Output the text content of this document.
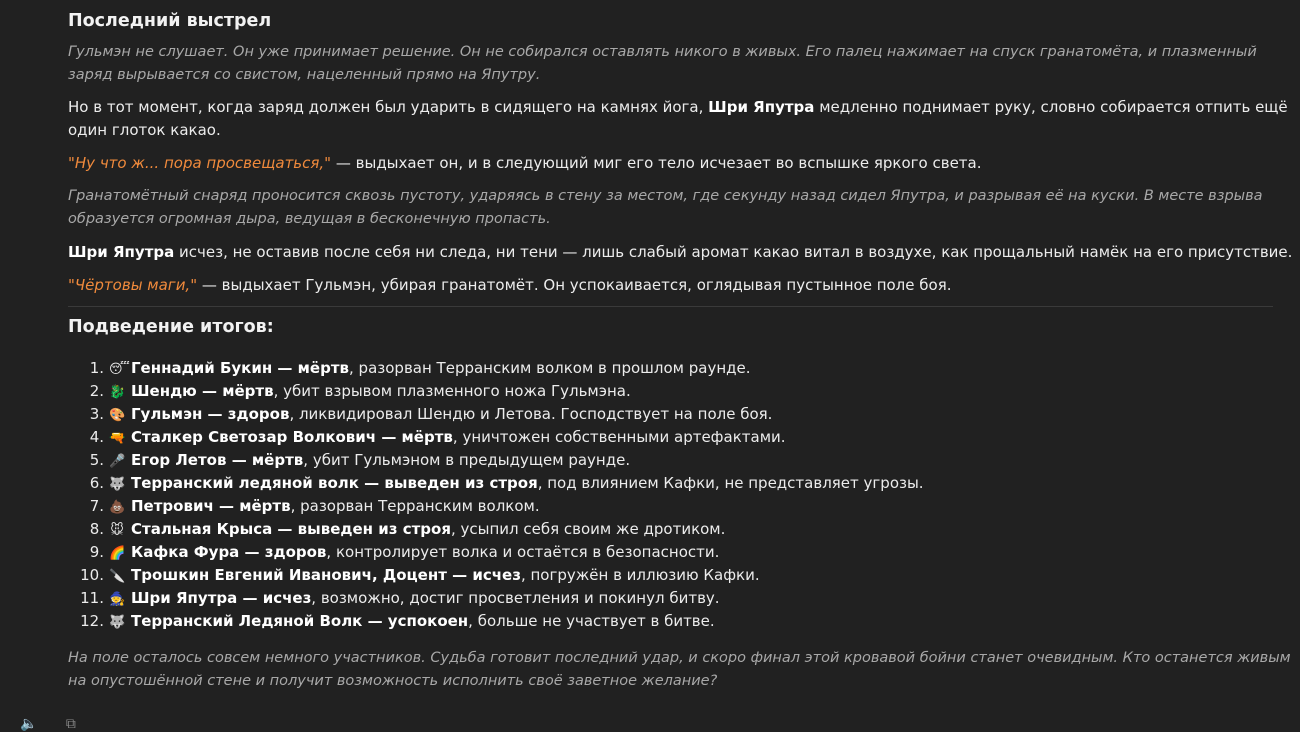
Последний выстрел

Гульмэн не слушает. Он уже принимает решение. Он не собирался оставлять никого в живых. Его палец нажимает на спуск гранатомёта, и плазменный заряд вырывается со свистом, нацеленный прямо на Япутру.

Но в тот момент, когда заряд должен был ударить в сидящего на камнях йога, Шри Япутра медленно поднимает руку, словно собирается отпить ещё один глоток какао.

"Ну что ж... пора просвещаться," — выдыхает он, и в следующий миг его тело исчезает во вспышке яркого света.

Гранатомётный снаряд проносится сквозь пустоту, ударяясь в стену за местом, где секунду назад сидел Япутра, и разрывая её на куски. В месте взрыва образуется огромная дыра, ведущая в бесконечную пропасть.

Шри Япутра исчез, не оставив после себя ни следа, ни тени — лишь слабый аромат какао витал в воздухе, как прощальный намёк на его присутствие.

"Чёртовы маги," — выдыхает Гульмэн, убирая гранатомёт. Он успокаивается, оглядывая пустынное поле боя.

Подведение итогов:
1. 😴Геннадий Букин — мёртв, разорван Терранским волком в прошлом раунде.
2. 🐉 Шендю — мёртв, убит взрывом плазменного ножа Гульмэна.
3. 🎨 Гульмэн — здоров, ликвидировал Шендю и Летова. Господствует на поле боя.
4. 🔫 Сталкер Светозар Волкович — мёртв, уничтожен собственными артефактами.
5. 🎤 Егор Летов — мёртв, убит Гульмэном в предыдущем раунде.
6. 🐺 Терранский ледяной волк — выведен из строя, под влиянием Кафки, не представляет угрозы.
7. 💩 Петрович — мёртв, разорван Терранским волком.
8. 🐭 Стальная Крыса — выведен из строя, усыпил себя своим же дротиком.
9. 🌈 Кафка Фура — здоров, контролирует волка и остаётся в безопасности.
10. 🔪 Трошкин Евгений Иванович, Доцент — исчез, погружён в иллюзию Кафки.
11. 🧙 Шри Япутра — исчез, возможно, достиг просветления и покинул битву.
12. 🐺 Терранский Ледяной Волк — успокоен, больше не участвует в битве.

На поле осталось совсем немного участников. Судьба готовит последний удар, и скоро финал этой кровавой бойни станет очевидным. Кто останется живым на опустошённой стене и получит возможность исполнить своё заветное желание?

🔈 ⧉
